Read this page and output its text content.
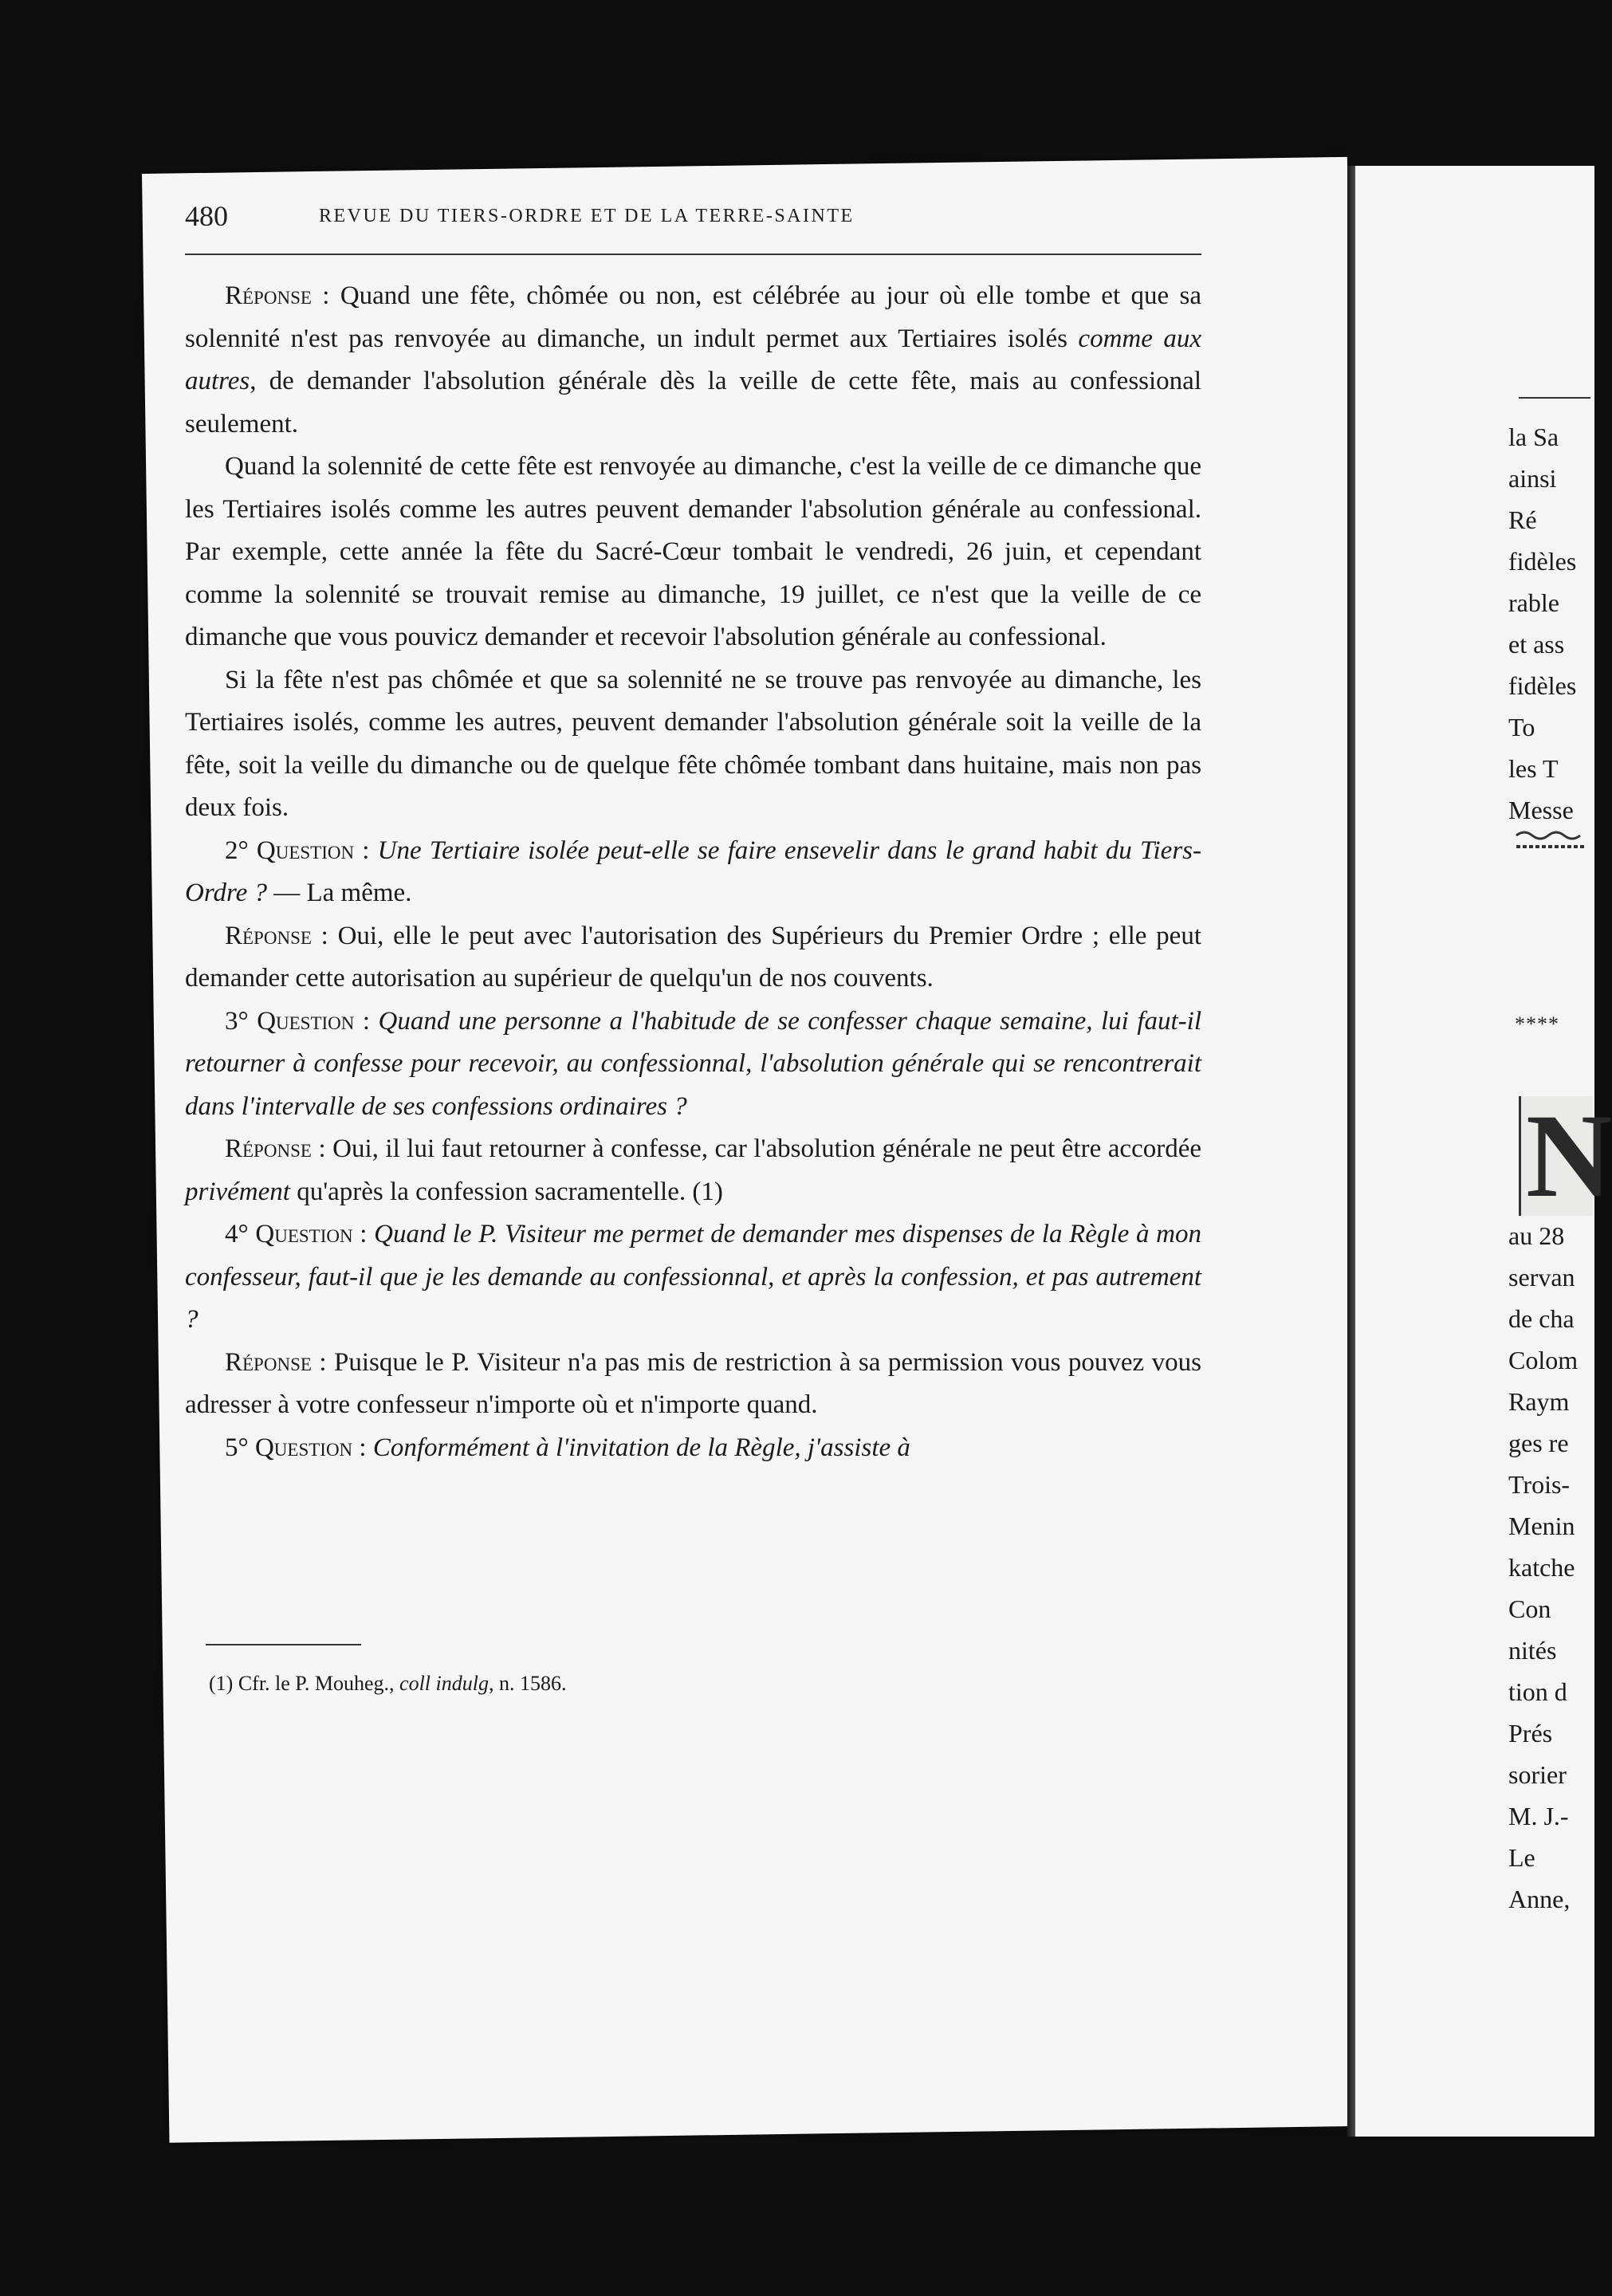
480	REVUE DU TIERS-ORDRE ET DE LA TERRE-SAINTE

Réponse : Quand une fête, chômée ou non, est célébrée au jour où elle tombe et que sa solennité n'est pas renvoyée au dimanche, un indult permet aux Tertiaires isolés comme aux autres, de demander l'absolution générale dès la veille de cette fête, mais au confessional seulement.

Quand la solennité de cette fête est renvoyée au dimanche, c'est la veille de ce dimanche que les Tertiaires isolés comme les autres peuvent demander l'absolution générale au confessional. Par exemple, cette année la fête du Sacré-Cœur tombait le vendredi, 26 juin, et cependant comme la solennité se trouvait remise au dimanche, 19 juillet, ce n'est que la veille de ce dimanche que vous pouvicz demander et recevoir l'absolution générale au confessional.

Si la fête n'est pas chômée et que sa solennité ne se trouve pas renvoyée au dimanche, les Tertiaires isolés, comme les autres, peuvent demander l'absolution générale soit la veille de la fête, soit la veille du dimanche ou de quelque fête chômée tombant dans huitaine, mais non pas deux fois.

2° Question : Une Tertiaire isolée peut-elle se faire ensevelir dans le grand habit du Tiers-Ordre ? — La même.

Réponse : Oui, elle le peut avec l'autorisation des Supérieurs du Premier Ordre ; elle peut demander cette autorisation au supérieur de quelqu'un de nos couvents.

3° Question : Quand une personne a l'habitude de se confesser chaque semaine, lui faut-il retourner à confesse pour recevoir, au confessionnal, l'absolution générale qui se rencontrerait dans l'intervalle de ses confessions ordinaires ?

Réponse : Oui, il lui faut retourner à confesse, car l'absolution générale ne peut être accordée privément qu'après la confession sacramentelle. (1)

4° Question : Quand le P. Visiteur me permet de demander mes dispenses de la Règle à mon confesseur, faut-il que je les demande au confessionnal, et après la confession, et pas autrement ?

Réponse : Puisque le P. Visiteur n'a pas mis de restriction à sa permission vous pouvez vous adresser à votre confesseur n'importe où et n'importe quand.

5° Question : Conformément à l'invitation de la Règle, j'assiste à

(1) Cfr. le P. Mouheg., coll indulg, n. 1586.
la Sa
ainsi
Ré
fidèles
rable
et ass
fidèles
To
les T
Messe
****
N
au 28
servan
de cha
Colom
Raym
ges re
Trois-
Menin
katche
Con
nités
tion d
Prés
sorier
M. J.-
Le
Anne,
